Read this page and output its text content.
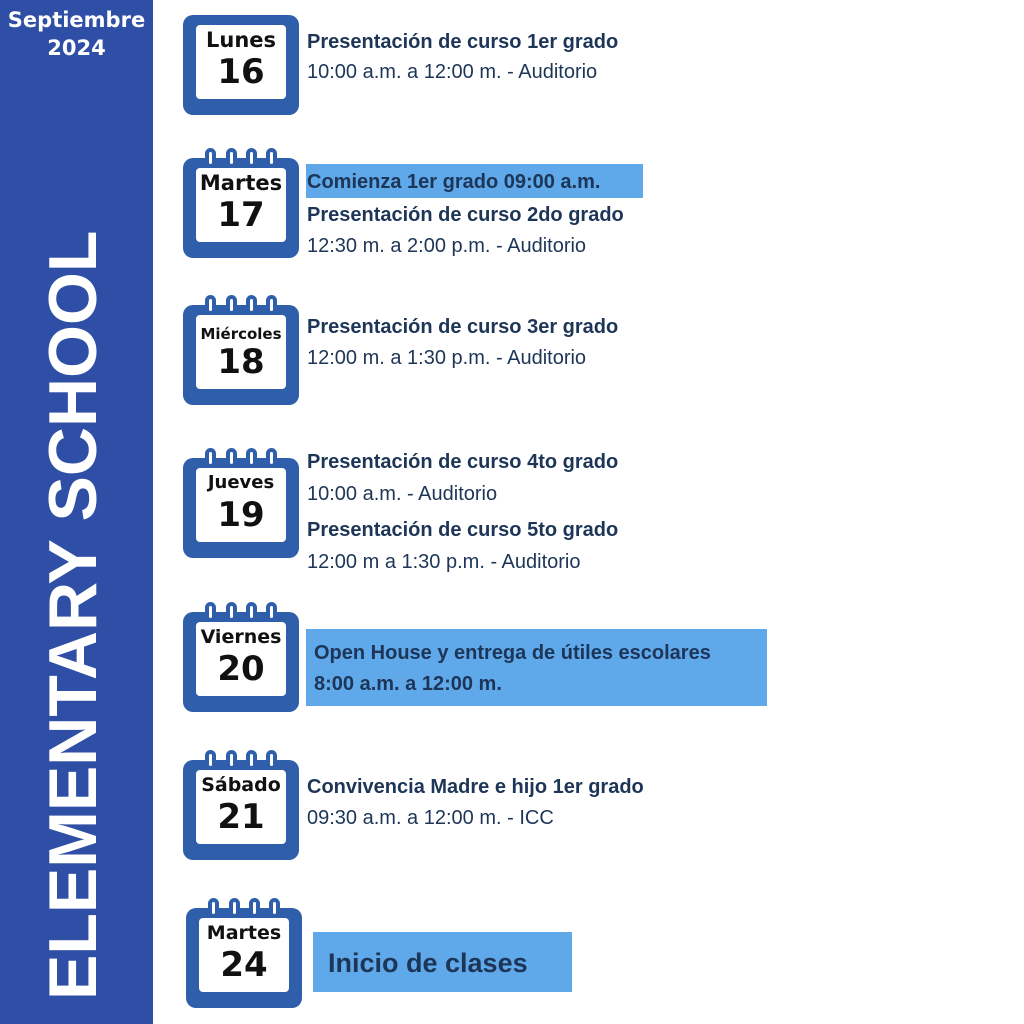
Septiembre
2024
ELEMENTARY SCHOOL
Lunes
16
Presentación de curso 1er grado
10:00 a.m. a 12:00 m. - Auditorio
Martes
17
Comienza 1er grado 09:00 a.m.
Presentación de curso 2do grado
12:30 m. a 2:00 p.m. - Auditorio
Miércoles
18
Presentación de curso 3er grado
12:00 m. a 1:30 p.m. - Auditorio
Jueves
19
Presentación de curso 4to grado
10:00 a.m. - Auditorio
Presentación de curso 5to grado
12:00 m a 1:30 p.m. - Auditorio
Viernes
20	Open House y entrega de útiles escolares
8:00 a.m. a 12:00 m.
Sábado
21
Convivencia Madre e hijo 1er grado
09:30 a.m. a 12:00 m. - ICC
Martes
24	Inicio de clases
